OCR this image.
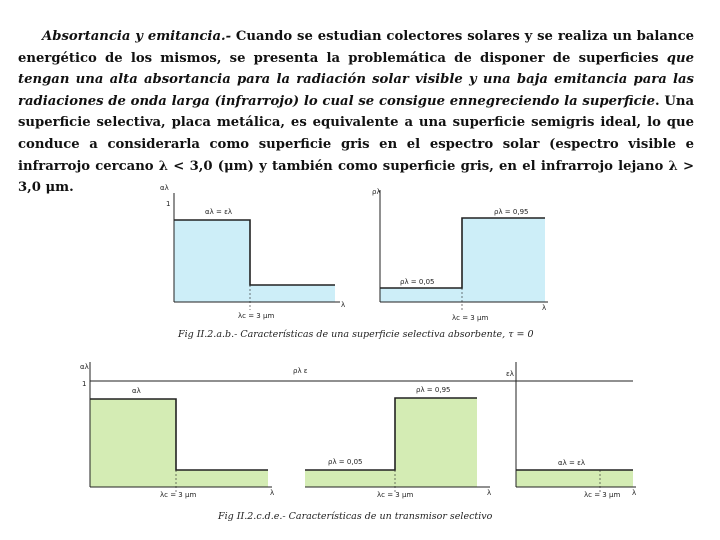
Absortancia y emitancia.- Cuando se estudian colectores solares y se realiza un balance energético de los mismos, se presenta la problemática de disponer de superficies que tengan una alta absortancia para la radiación solar visible y una baja emitancia para las radiaciones de onda larga (infrarrojo) lo cual se consigue ennegreciendo la superficie. Una superficie selectiva, placa metálica, es equivalente a una superficie semigris ideal, lo que conduce a considerarla como superficie gris en el espectro solar (espectro visible e infrarrojo cercano λ < 3,0 (μm) y también como superficie gris, en el infrarrojo lejano λ > 3,0 μm.	αλ
1
αλ = ελ
λ
λc = 3 μm
ρλ
ρλ = 0,95
ρλ = 0,05
λ
λc = 3 μm
ρλ ε
αλ
1
αλ
λ
λc = 3 μm
ρλ = 0,95
ρλ = 0,05
λ
λc = 3 μm
ελ
αλ = ελ
λ
λc = 3 μm
Fig II.2.a.b.- Características de una superficie selectiva absorbente, τ = 0
Fig II.2.c.d.e.- Características de un transmisor selectivo
